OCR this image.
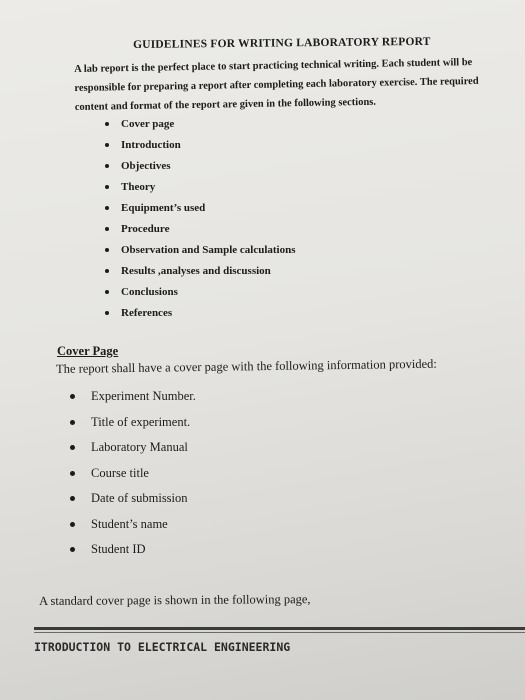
GUIDELINES FOR WRITING LABORATORY REPORT

A lab report is the perfect place to start practicing technical writing. Each student will be

responsible for preparing a report after completing each laboratory exercise. The required

content and format of the report are given in the following sections.

Cover page
Introduction
Objectives
Theory
Equipment’s used
Procedure
Observation and Sample calculations
Results ,analyses and discussion
Conclusions
References
Cover Page
The report shall have a cover page with the following information provided:
Experiment Number.
Title of experiment.
Laboratory Manual
Course title
Date of submission
Student’s name
Student ID
A standard cover page is shown in the following page,
ITRODUCTION TO ELECTRICAL ENGINEERING
